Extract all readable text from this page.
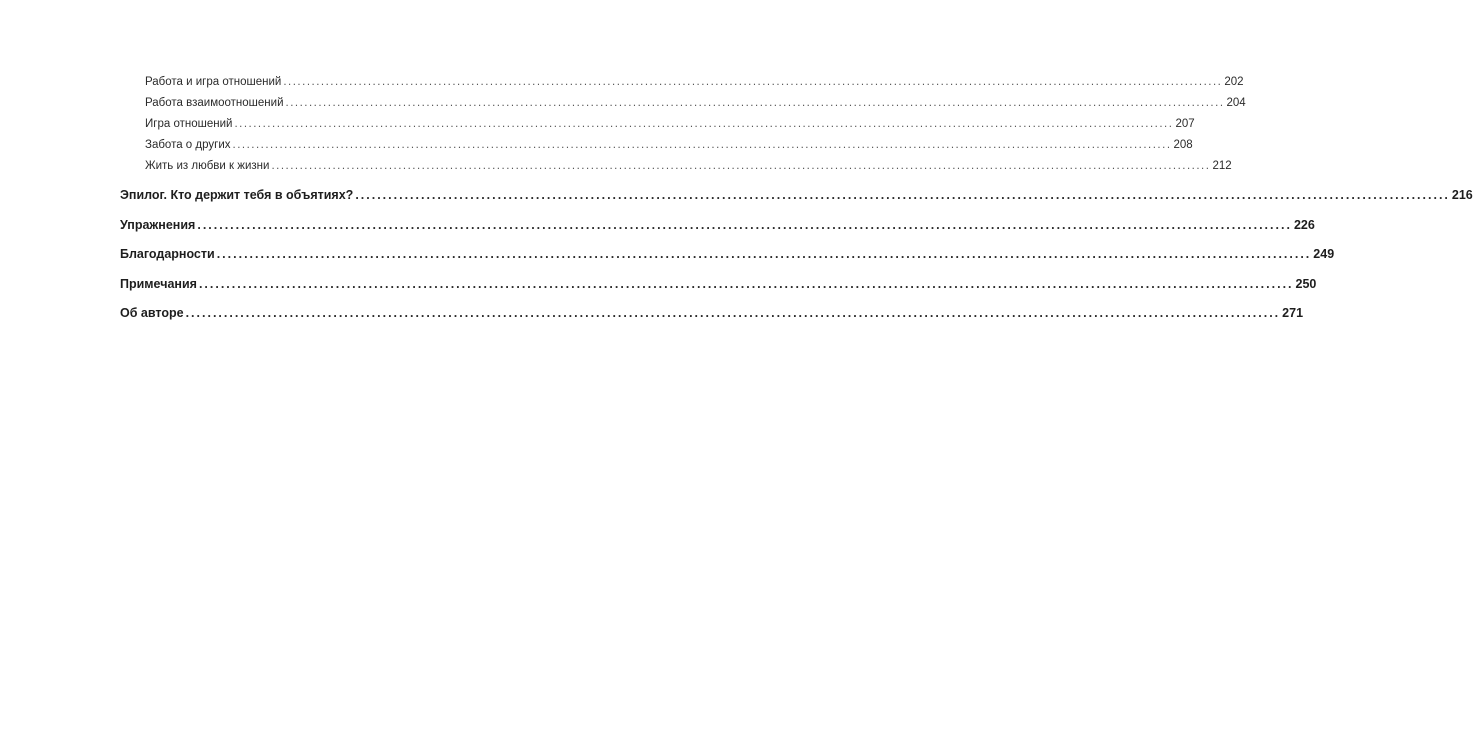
Работа и игра отношений ........................................................................................................................................................................................................ 202
Работа взаимоотношений ........................................................................................................................................................................................................ 204
Игра отношений ........................................................................................................................................................................................................ 207
Забота о других ........................................................................................................................................................................................................ 208
Жить из любви к жизни ........................................................................................................................................................................................................ 212
Эпилог. Кто держит тебя в объятиях? ........................................................................................................................................................................................................ 216
Упражнения ........................................................................................................................................................................................................ 226
Благодарности ........................................................................................................................................................................................................ 249
Примечания ........................................................................................................................................................................................................ 250
Об авторе ........................................................................................................................................................................................................ 271
